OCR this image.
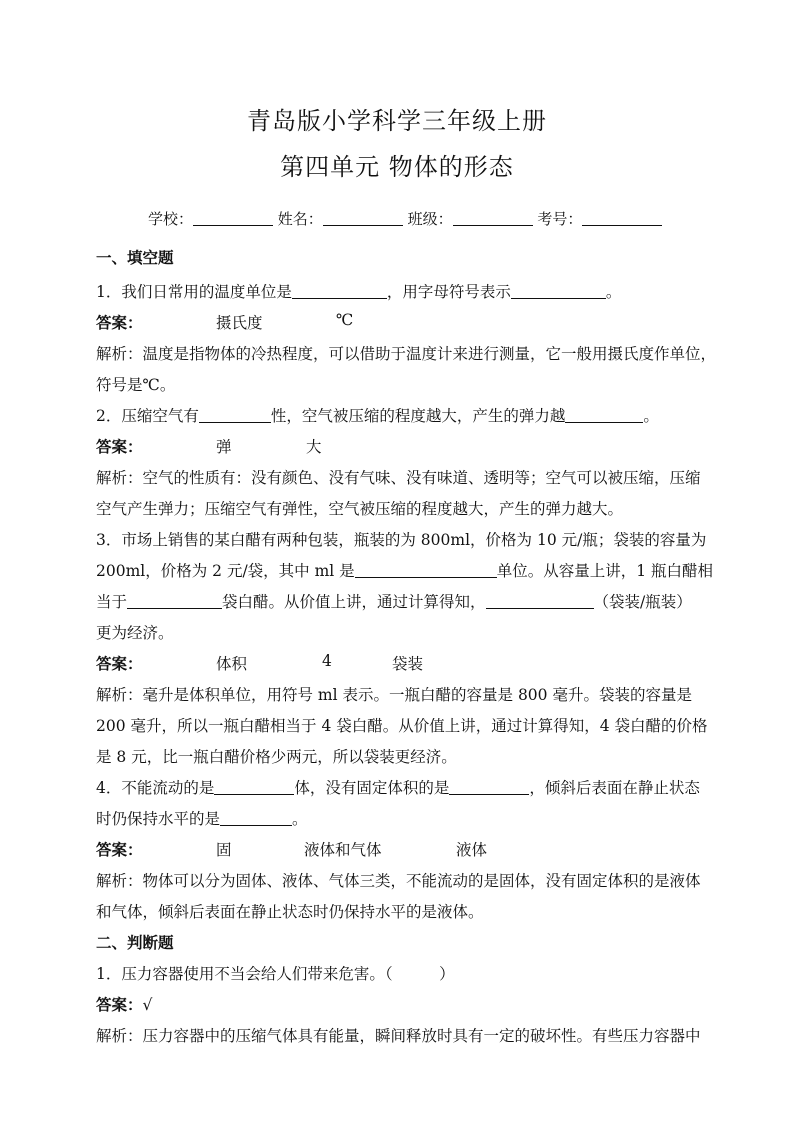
青岛版小学科学三年级上册
第四单元 物体的形态
学校：	姓名：	班级：	考号：
一、填空题
1．我们日常用的温度单位是	，用字母符号表示	。
答案：	摄氏度	℃
解析：温度是指物体的冷热程度，可以借助于温度计来进行测量，它一般用摄氏度作单位，
符号是℃。
2．压缩空气有	性，空气被压缩的程度越大，产生的弹力越	。
答案：	弹	大
解析：空气的性质有：没有颜色、没有气味、没有味道、透明等；空气可以被压缩，压缩
空气产生弹力；压缩空气有弹性，空气被压缩的程度越大，产生的弹力越大。
3．市场上销售的某白醋有两种包装，瓶装的为 800ml，价格为 10 元/瓶；袋装的容量为
200ml，价格为 2 元/袋，其中 ml 是	单位。从容量上讲，1 瓶白醋相
当于	袋白醋。从价值上讲，通过计算得知，	（袋装/瓶装）
更为经济。
答案：	体积	4	袋装
解析：毫升是体积单位，用符号 ml 表示。一瓶白醋的容量是 800 毫升。袋装的容量是
200 毫升，所以一瓶白醋相当于 4 袋白醋。从价值上讲，通过计算得知，4 袋白醋的价格
是 8 元，比一瓶白醋价格少两元，所以袋装更经济。
4．不能流动的是	体，没有固定体积的是	，倾斜后表面在静止状态
时仍保持水平的是	。
答案：	固	液体和气体	液体
解析：物体可以分为固体、液体、气体三类，不能流动的是固体，没有固定体积的是液体
和气体，倾斜后表面在静止状态时仍保持水平的是液体。
二、判断题
1．压力容器使用不当会给人们带来危害。（　　　）
答案：√
解析：压力容器中的压缩气体具有能量，瞬间释放时具有一定的破坏性。有些压力容器中
